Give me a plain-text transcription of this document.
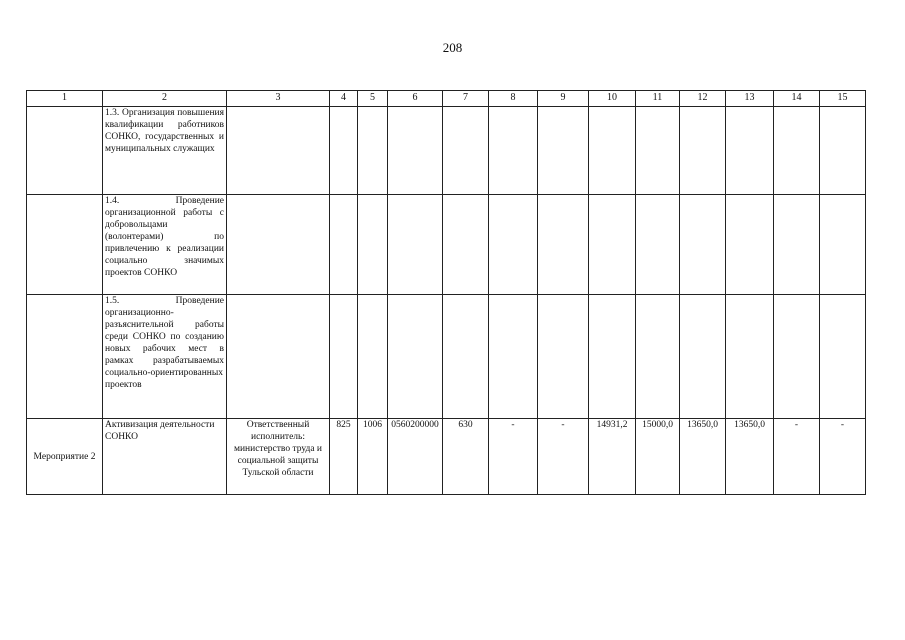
208
1	2	3	4	5	6	7	8	9	10	11	12	13	14	15
	1.3. Организация повышения квалификации работников СОНКО, государственных и муниципальных служащих													
	1.4. Проведение организационной работы с добровольцами (волонтерами) по привлечению к реализации социально значимых проектов СОНКО													
	1.5. Проведение организационно-разъяснительной работы среди СОНКО по созданию новых рабочих мест в рамках разрабатываемых социально-ориентированных проектов													
Мероприятие 2	Активизация деятельности СОНКО	Ответственный исполнитель: министерство труда и социальной защиты Тульской области	825	1006	0560200000	630	-	-	14931,2	15000,0	13650,0	13650,0	-	-
